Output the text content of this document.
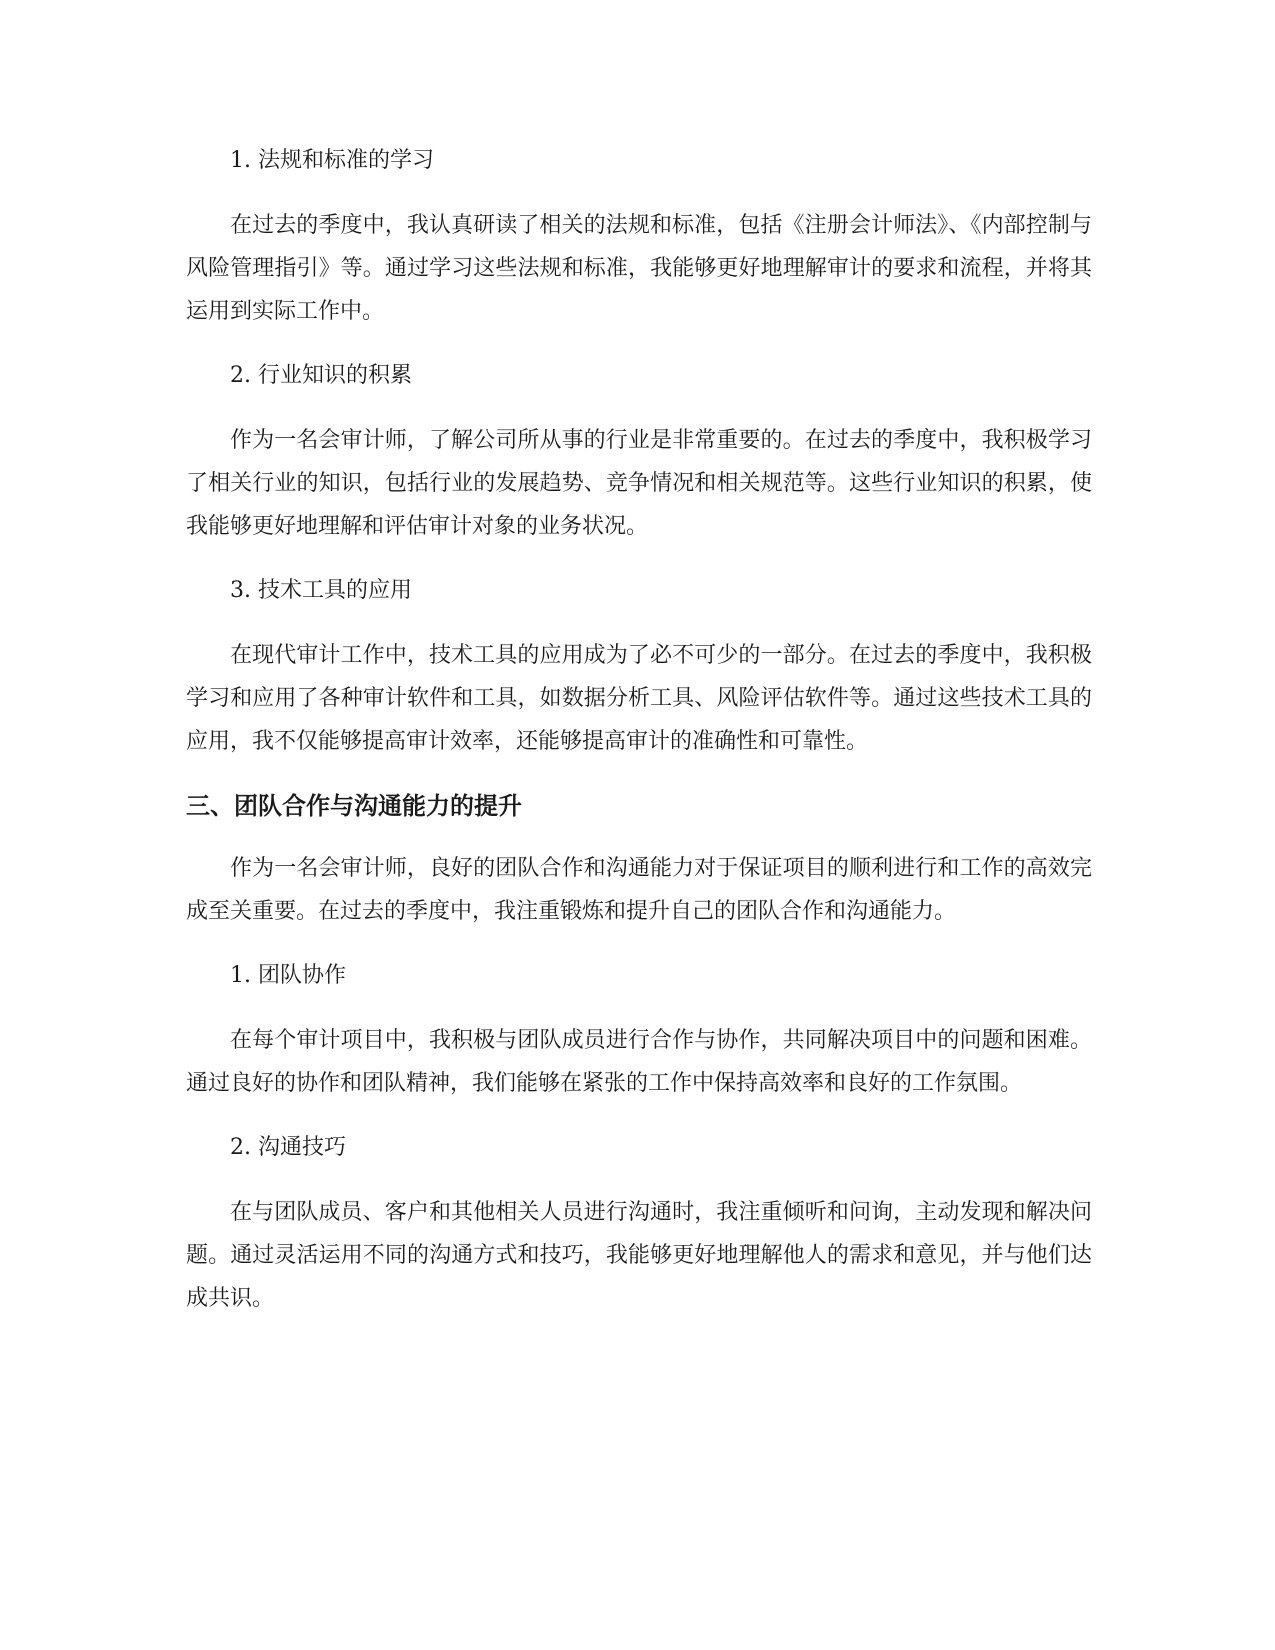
1. 法规和标准的学习

在过去的季度中，我认真研读了相关的法规和标准，包括《注册会计师法》、《内部控制与风险管理指引》等。通过学习这些法规和标准，我能够更好地理解审计的要求和流程，并将其运用到实际工作中。

2. 行业知识的积累

作为一名会审计师，了解公司所从事的行业是非常重要的。在过去的季度中，我积极学习了相关行业的知识，包括行业的发展趋势、竞争情况和相关规范等。这些行业知识的积累，使我能够更好地理解和评估审计对象的业务状况。

3. 技术工具的应用

在现代审计工作中，技术工具的应用成为了必不可少的一部分。在过去的季度中，我积极学习和应用了各种审计软件和工具，如数据分析工具、风险评估软件等。通过这些技术工具的应用，我不仅能够提高审计效率，还能够提高审计的准确性和可靠性。

三、团队合作与沟通能力的提升

作为一名会审计师，良好的团队合作和沟通能力对于保证项目的顺利进行和工作的高效完成至关重要。在过去的季度中，我注重锻炼和提升自己的团队合作和沟通能力。

1. 团队协作

在每个审计项目中，我积极与团队成员进行合作与协作，共同解决项目中的问题和困难。通过良好的协作和团队精神，我们能够在紧张的工作中保持高效率和良好的工作氛围。

2. 沟通技巧

在与团队成员、客户和其他相关人员进行沟通时，我注重倾听和问询，主动发现和解决问题。通过灵活运用不同的沟通方式和技巧，我能够更好地理解他人的需求和意见，并与他们达成共识。
